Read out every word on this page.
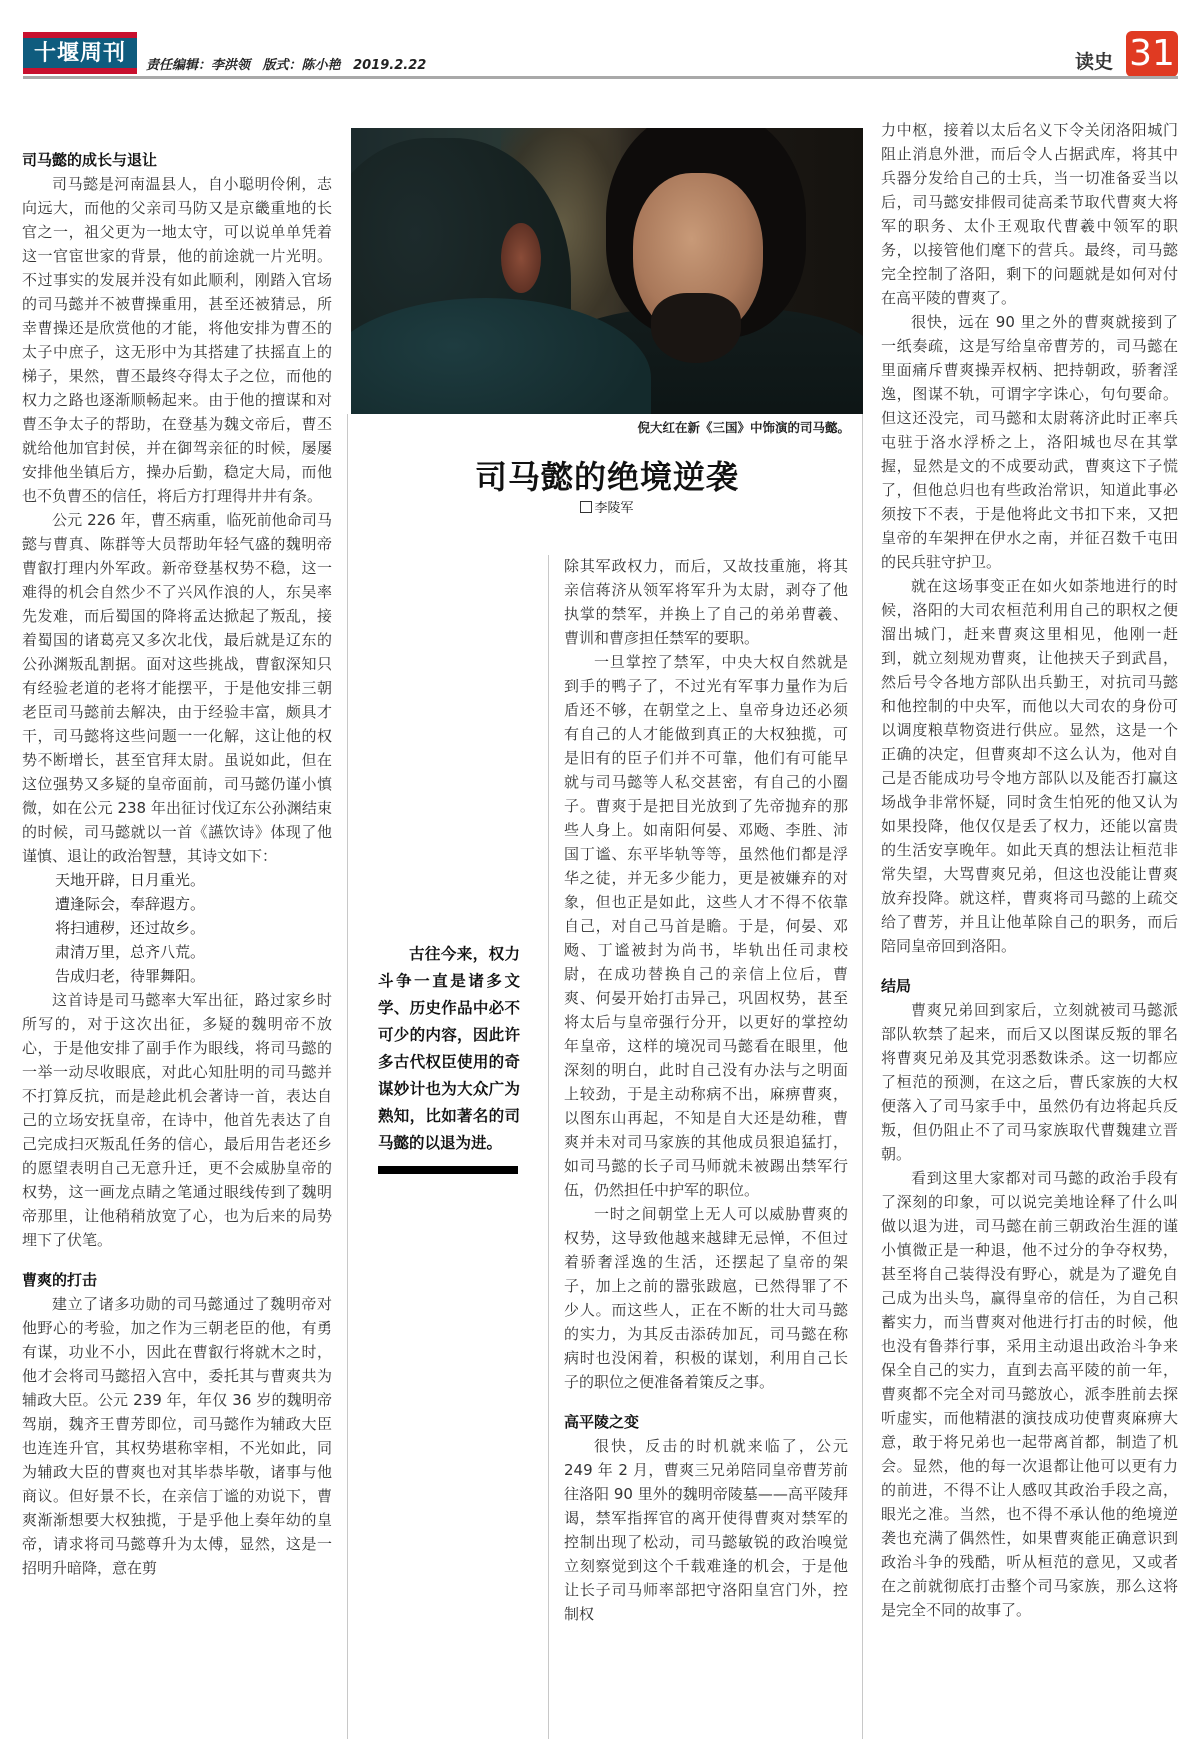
十堰周刊	责任编辑：李洪领 版式：陈小艳 2019.2.22	读史 31
司马懿的成长与退让

司马懿是河南温县人，自小聪明伶俐，志向远大，而他的父亲司马防又是京畿重地的长官之一，祖父更为一地太守，可以说单单凭着这一官宦世家的背景，他的前途就一片光明。不过事实的发展并没有如此顺利，刚踏入官场的司马懿并不被曹操重用，甚至还被猜忌，所幸曹操还是欣赏他的才能，将他安排为曹丕的太子中庶子，这无形中为其搭建了扶摇直上的梯子，果然，曹丕最终夺得太子之位，而他的权力之路也逐渐顺畅起来。由于他的擅谋和对曹丕争太子的帮助，在登基为魏文帝后，曹丕就给他加官封侯，并在御驾亲征的时候，屡屡安排他坐镇后方，操办后勤，稳定大局，而他也不负曹丕的信任，将后方打理得井井有条。

公元 226 年，曹丕病重，临死前他命司马懿与曹真、陈群等大员帮助年轻气盛的魏明帝曹叡打理内外军政。新帝登基权势不稳，这一难得的机会自然少不了兴风作浪的人，东吴率先发难，而后蜀国的降将孟达掀起了叛乱，接着蜀国的诸葛亮又多次北伐，最后就是辽东的公孙渊叛乱割据。面对这些挑战，曹叡深知只有经验老道的老将才能摆平，于是他安排三朝老臣司马懿前去解决，由于经验丰富，颇具才干，司马懿将这些问题一一化解，这让他的权势不断增长，甚至官拜太尉。虽说如此，但在这位强势又多疑的皇帝面前，司马懿仍谨小慎微，如在公元 238 年出征讨伐辽东公孙渊结束的时候，司马懿就以一首《讌饮诗》体现了他谨慎、退让的政治智慧，其诗文如下：

天地开辟，日月重光。
遭逢际会，奉辞遐方。
将扫逋秽，还过故乡。
肃清万里，总齐八荒。
告成归老，待罪舞阳。

这首诗是司马懿率大军出征，路过家乡时所写的，对于这次出征，多疑的魏明帝不放心，于是他安排了副手作为眼线，将司马懿的一举一动尽收眼底，对此心知肚明的司马懿并不打算反抗，而是趁此机会著诗一首，表达自己的立场安抚皇帝，在诗中，他首先表达了自己完成扫灭叛乱任务的信心，最后用告老还乡的愿望表明自己无意升迁，更不会威胁皇帝的权势，这一画龙点睛之笔通过眼线传到了魏明帝那里，让他稍稍放宽了心，也为后来的局势埋下了伏笔。

曹爽的打击

建立了诸多功勋的司马懿通过了魏明帝对他野心的考验，加之作为三朝老臣的他，有勇有谋，功业不小，因此在曹叡行将就木之时，他才会将司马懿招入宫中，委托其与曹爽共为辅政大臣。公元 239 年，年仅 36 岁的魏明帝驾崩，魏齐王曹芳即位，司马懿作为辅政大臣也连连升官，其权势堪称宰相，不光如此，同为辅政大臣的曹爽也对其毕恭毕敬，诸事与他商议。但好景不长，在亲信丁谧的劝说下，曹爽渐渐想要大权独揽，于是乎他上奏年幼的皇帝，请求将司马懿尊升为太傅，显然，这是一招明升暗降，意在剪

倪大红在新《三国》中饰演的司马懿。
司马懿的绝境逆袭
李陵军
古往今来，权力斗争一直是诸多文学、历史作品中必不可少的内容，因此许多古代权臣使用的奇谋妙计也为大众广为熟知，比如著名的司马懿的以退为进。

除其军政权力，而后，又故技重施，将其亲信蒋济从领军将军升为太尉，剥夺了他执掌的禁军，并换上了自己的弟弟曹羲、曹训和曹彦担任禁军的要职。

一旦掌控了禁军，中央大权自然就是到手的鸭子了，不过光有军事力量作为后盾还不够，在朝堂之上、皇帝身边还必须有自己的人才能做到真正的大权独揽，可是旧有的臣子们并不可靠，他们有可能早就与司马懿等人私交甚密，有自己的小圈子。曹爽于是把目光放到了先帝抛弃的那些人身上。如南阳何晏、邓飏、李胜、沛国丁谧、东平毕轨等等，虽然他们都是浮华之徒，并无多少能力，更是被嫌弃的对象，但也正是如此，这些人才不得不依靠自己，对自己马首是瞻。于是，何晏、邓飏、丁谧被封为尚书，毕轨出任司隶校尉，在成功替换自己的亲信上位后，曹爽、何晏开始打击异己，巩固权势，甚至将太后与皇帝强行分开，以更好的掌控幼年皇帝，这样的境况司马懿看在眼里，他深刻的明白，此时自己没有办法与之明面上较劲，于是主动称病不出，麻痹曹爽，以图东山再起，不知是自大还是幼稚，曹爽并未对司马家族的其他成员狠追猛打，如司马懿的长子司马师就未被踢出禁军行伍，仍然担任中护军的职位。

一时之间朝堂上无人可以威胁曹爽的权势，这导致他越来越肆无忌惮，不但过着骄奢淫逸的生活，还摆起了皇帝的架子，加上之前的嚣张跋扈，已然得罪了不少人。而这些人，正在不断的壮大司马懿的实力，为其反击添砖加瓦，司马懿在称病时也没闲着，积极的谋划，利用自己长子的职位之便准备着策反之事。

高平陵之变

很快，反击的时机就来临了，公元 249 年 2 月，曹爽三兄弟陪同皇帝曹芳前往洛阳 90 里外的魏明帝陵墓——高平陵拜谒，禁军指挥官的离开使得曹爽对禁军的控制出现了松动，司马懿敏锐的政治嗅觉立刻察觉到这个千载难逢的机会，于是他让长子司马师率部把守洛阳皇宫门外，控制权

力中枢，接着以太后名义下令关闭洛阳城门阻止消息外泄，而后令人占据武库，将其中兵器分发给自己的士兵，当一切准备妥当以后，司马懿安排假司徒高柔节取代曹爽大将军的职务、太仆王观取代曹羲中领军的职务，以接管他们麾下的营兵。最终，司马懿完全控制了洛阳，剩下的问题就是如何对付在高平陵的曹爽了。

很快，远在 90 里之外的曹爽就接到了一纸奏疏，这是写给皇帝曹芳的，司马懿在里面痛斥曹爽操弄权柄、把持朝政，骄奢淫逸，图谋不轨，可谓字字诛心，句句要命。但这还没完，司马懿和太尉蒋济此时正率兵屯驻于洛水浮桥之上，洛阳城也尽在其掌握，显然是文的不成要动武，曹爽这下子慌了，但他总归也有些政治常识，知道此事必须按下不表，于是他将此文书扣下来，又把皇帝的车架押在伊水之南，并征召数千屯田的民兵驻守护卫。

就在这场事变正在如火如荼地进行的时候，洛阳的大司农桓范利用自己的职权之便溜出城门，赶来曹爽这里相见，他刚一赶到，就立刻规劝曹爽，让他挟天子到武昌，然后号令各地方部队出兵勤王，对抗司马懿和他控制的中央军，而他以大司农的身份可以调度粮草物资进行供应。显然，这是一个正确的决定，但曹爽却不这么认为，他对自己是否能成功号令地方部队以及能否打赢这场战争非常怀疑，同时贪生怕死的他又认为如果投降，他仅仅是丢了权力，还能以富贵的生活安享晚年。如此天真的想法让桓范非常失望，大骂曹爽兄弟，但这也没能让曹爽放弃投降。就这样，曹爽将司马懿的上疏交给了曹芳，并且让他革除自己的职务，而后陪同皇帝回到洛阳。

结局

曹爽兄弟回到家后，立刻就被司马懿派部队软禁了起来，而后又以图谋反叛的罪名将曹爽兄弟及其党羽悉数诛杀。这一切都应了桓范的预测，在这之后，曹氏家族的大权便落入了司马家手中，虽然仍有边将起兵反叛，但仍阻止不了司马家族取代曹魏建立晋朝。

看到这里大家都对司马懿的政治手段有了深刻的印象，可以说完美地诠释了什么叫做以退为进，司马懿在前三朝政治生涯的谨小慎微正是一种退，他不过分的争夺权势，甚至将自己装得没有野心，就是为了避免自己成为出头鸟，赢得皇帝的信任，为自己积蓄实力，而当曹爽对他进行打击的时候，他也没有鲁莽行事，采用主动退出政治斗争来保全自己的实力，直到去高平陵的前一年，曹爽都不完全对司马懿放心，派李胜前去探听虚实，而他精湛的演技成功使曹爽麻痹大意，敢于将兄弟也一起带离首都，制造了机会。显然，他的每一次退都让他可以更有力的前进，不得不让人感叹其政治手段之高，眼光之准。当然，也不得不承认他的绝境逆袭也充满了偶然性，如果曹爽能正确意识到政治斗争的残酷，听从桓范的意见，又或者在之前就彻底打击整个司马家族，那么这将是完全不同的故事了。
